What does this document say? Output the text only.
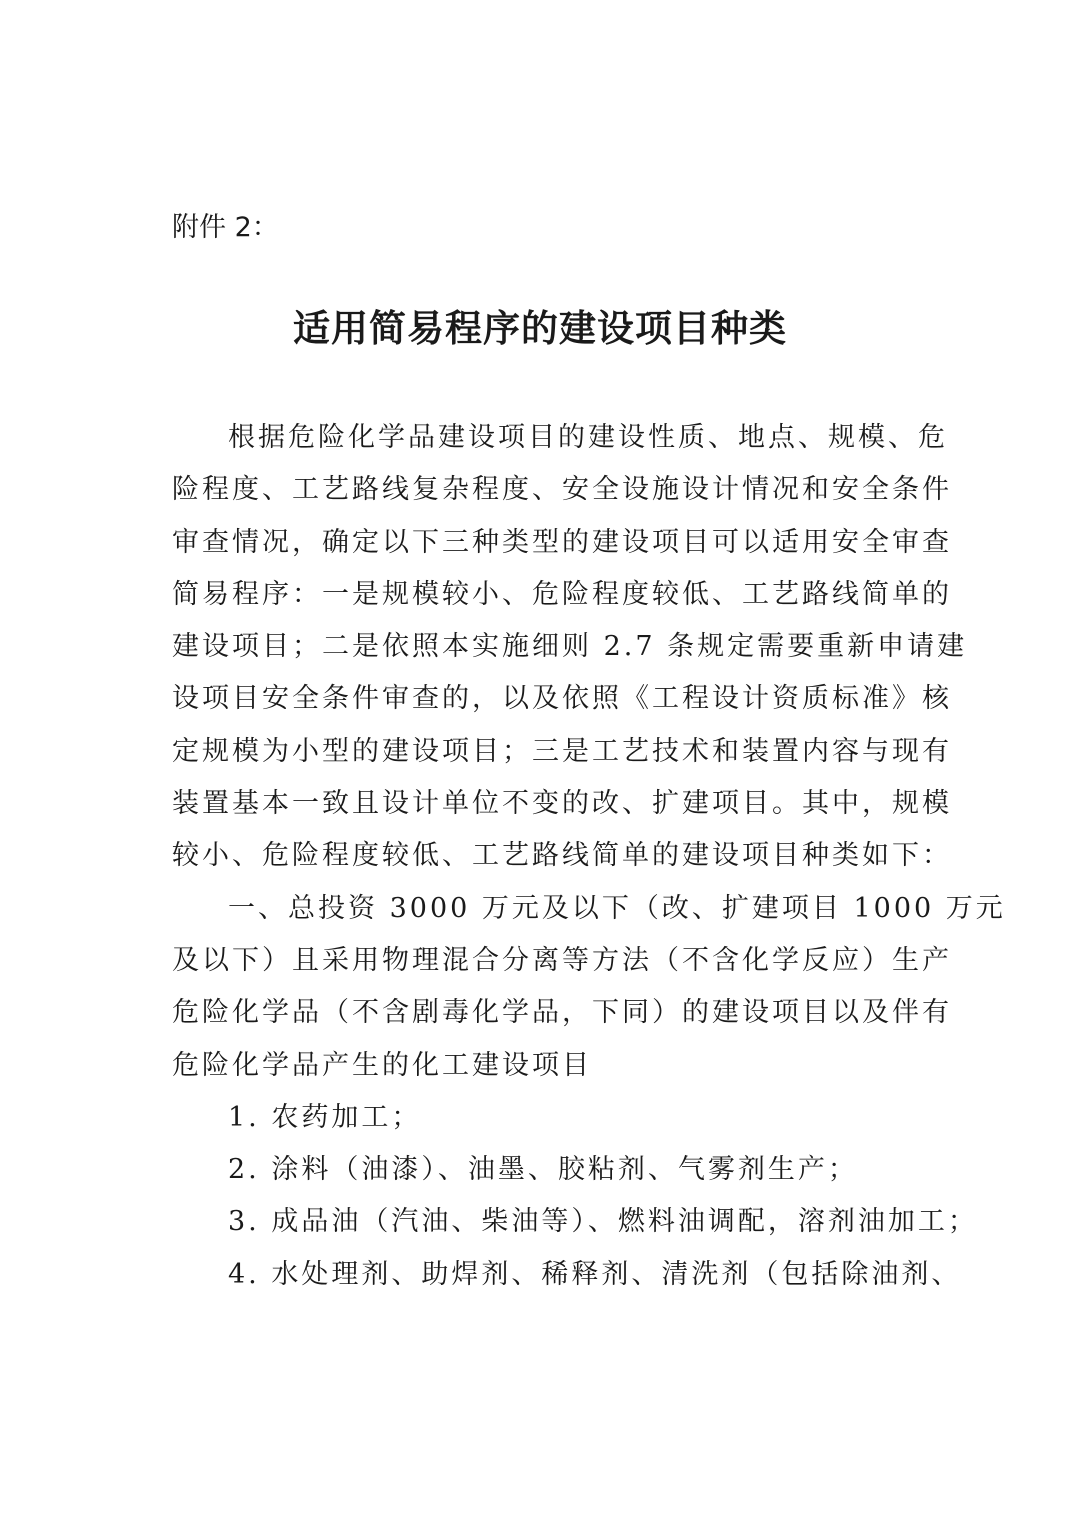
附件 2：
适用简易程序的建设项目种类
根据危险化学品建设项目的建设性质、地点、规模、危
险程度、工艺路线复杂程度、安全设施设计情况和安全条件
审查情况，确定以下三种类型的建设项目可以适用安全审查
简易程序：一是规模较小、危险程度较低、工艺路线简单的
建设项目；二是依照本实施细则 2.7 条规定需要重新申请建
设项目安全条件审查的，以及依照《工程设计资质标准》核
定规模为小型的建设项目；三是工艺技术和装置内容与现有
装置基本一致且设计单位不变的改、扩建项目。其中，规模
较小、危险程度较低、工艺路线简单的建设项目种类如下：
一、总投资 3000 万元及以下（改、扩建项目 1000 万元
及以下）且采用物理混合分离等方法（不含化学反应）生产
危险化学品（不含剧毒化学品，下同）的建设项目以及伴有
危险化学品产生的化工建设项目
1. 农药加工；
2. 涂料（油漆）、油墨、胶粘剂、气雾剂生产；
3. 成品油（汽油、柴油等）、燃料油调配，溶剂油加工；
4. 水处理剂、助焊剂、稀释剂、清洗剂（包括除油剂、
